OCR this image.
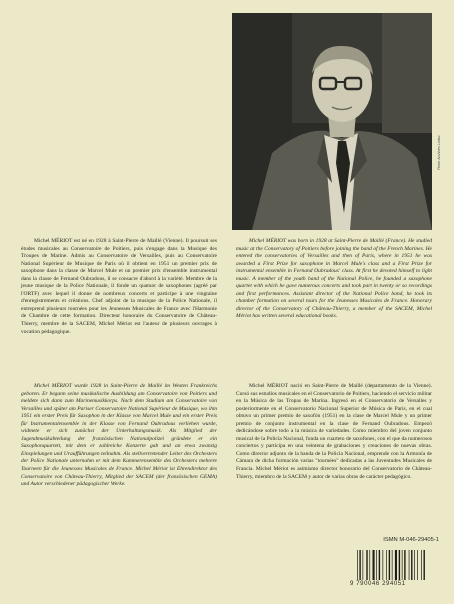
Photo Archives Leduc

Michel MÉRIOT est né en 1928 à Saint-Pierre de Maillé (Vienne). Il poursuit ses études musicales au Conservatoire de Poitiers, puis s'engage dans la Musique des Troupes de Marine. Admis au Conservatoire de Versailles, puis au Conservatoire National Supérieur de Musique de Paris où il obtient en 1951 un premier prix de saxophone dans la classe de Marcel Mule et un premier prix d'ensemble instrumental dans la classe de Fernand Oubradous, il se consacre d'abord à la variété. Membre de la jeune musique de la Police Nationale, il fonde un quatuor de saxophones (agréé par l'ORTF) avec lequel il donne de nombreux concerts et participe à une vingtaine d'enregistrements et créations. Chef adjoint de la musique de la Police Nationale, il entreprend plusieurs tournées pour les Jeunesses Musicales de France avec l'Harmonie de Chambre de cette formation. Directeur honoraire du Conservatoire de Château-Thierry, membre de la SACEM, Michel Mériot est l'auteur de plusieurs ouvrages à vocation pédagogique.

Michel MÉRIOT was born in 1928 at Saint-Pierre de Maillé (France). He studied music at the Conservatory of Poitiers before joining the band of the French Marines. He entered the conservatories of Versailles and then of Paris, where in 1951 he was awarded a First Prize for saxophone in Marcel Mule's class and a First Prize for instrumental ensemble in Fernand Oubradous' class. At first he devoted himself to light music. A member of the youth band of the National Police, he founded a saxophone quartet with which he gave numerous concerts and took part in twenty or so recordings and first performances. Assistant director of the National Police band, he took its chamber formation on several tours for the Jeunesses Musicales de France. Honorary director of the Conservatory of Château-Thierry, a member of the SACEM, Michel Mériot has written several educational books.

Michel MÉRIOT wurde 1928 in Saint-Pierre de Maillé im Westen Frankreichs geboren. Er begann seine musikalische Ausbildung am Conservatoire von Poitiers und meldete sich dann zum Marinemusikkorps. Nach dem Studium am Conservatoire von Versailles und später am Pariser Conservatoire National Supérieur de Musique, wo ihm 1951 ein erster Preis für Saxophon in der Klasse von Marcel Mule und ein erster Preis für Instrumentalensemble in der Klasse von Fernand Oubradous verliehen wurde, widmete er sich zunächst der Unterhaltungsmusik. Als Mitglied der Jugendmusikabteilung der französischen Nationalpolizei gründete er ein Saxophonquartett, mit dem er zahlreiche Konzerte gab und an etwa zwanzig Einspielungen und Uraufführungen teilnahm. Als stellvertretender Leiter des Orchesters der Police Nationale unternahm er mit dem Kammerensemble des Orchesters mehrere Tourneen für die Jeunesses Musicales de France. Michel Mériot ist Ehrendirektor des Conservatoire von Château-Thierry, Mitglied der SACEM (der französischen GEMA) und Autor verschiedener pädagogischer Werke.

Michel MÉRIOT nació en Saint-Pierre de Maillé (departamento de la Vienne). Cursó sus estudios musicales en el Conservatorio de Poitiers, haciendo el servicio militar en la Música de las Tropas de Marina. Ingresó en el Conservatorio de Versalles y posteriormente en el Conservatorio Nacional Superior de Música de París, en el cual obtuvo un primer premio de saxofón (1951) en la clase de Marcel Mule y un primer premio de conjunto instrumental en la clase de Fernand Oubradous. Empezó dedicándose sobre todo a la música de variedades. Como miembro del joven conjunto musical de la Policía Nacional, funda un cuarteto de saxofones, con el que da numerosos conciertos y participa en una veintena de grabaciones y creaciones de nuevas obras. Como director adjunto de la banda de la Policía Nacional, emprende con la Armonía de Cámara de dicha formación varias "tournées" dedicadas a las Juventudes Musicales de Francia. Michel Mériot es asimismo director honorario del Conservatorio de Château-Thierry, miembro de la SACEM y autor de varias obras de carácter pedagógico.

ISMN M-046-29405-1
9 790046 294051
